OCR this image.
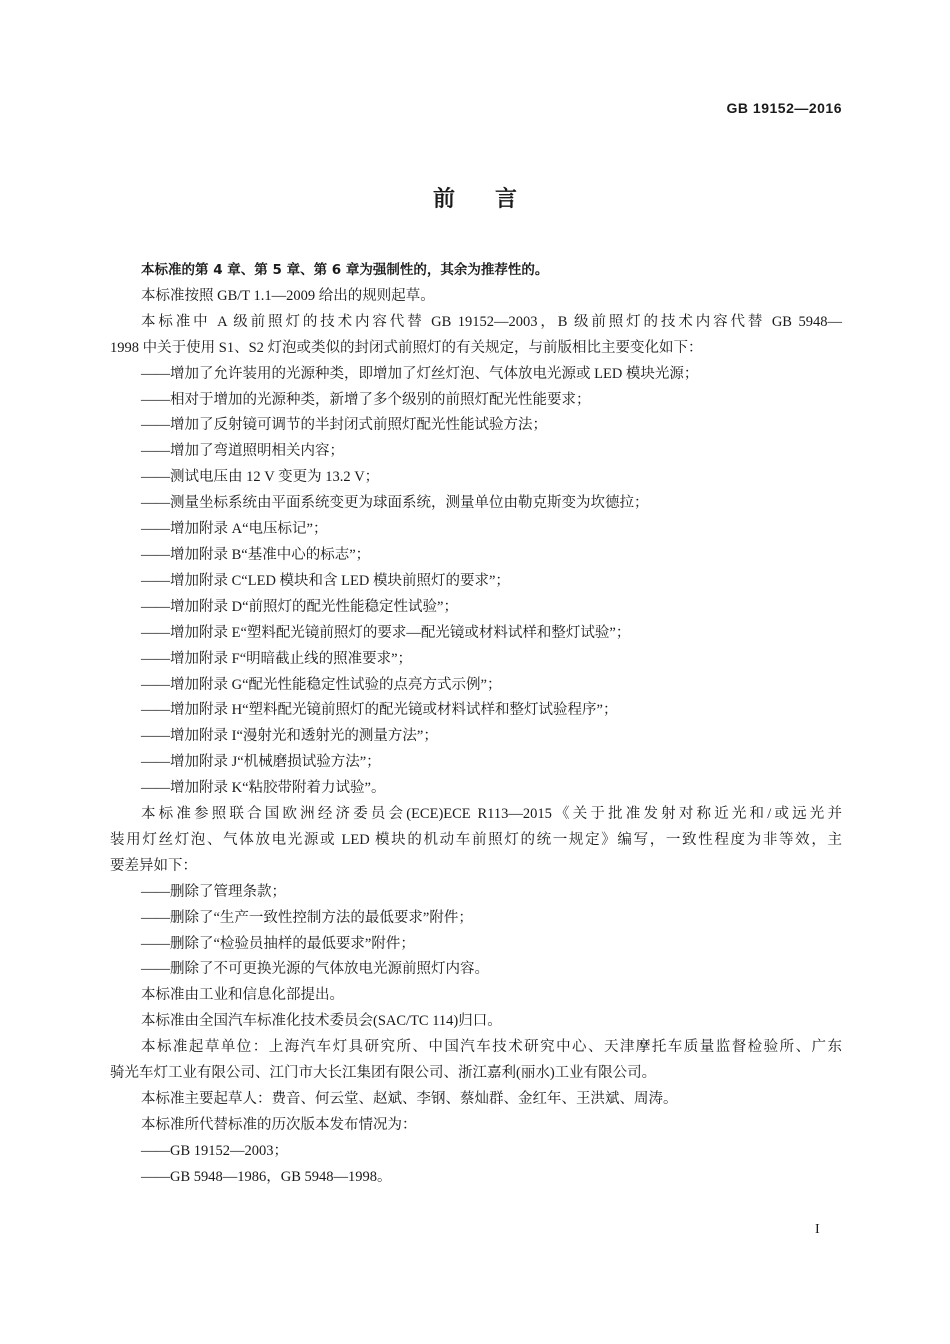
GB 19152—2016
前言
本标准的第 4 章、第 5 章、第 6 章为强制性的，其余为推荐性的。
本标准按照 GB/T 1.1—2009 给出的规则起草。
本标准中 A 级前照灯的技术内容代替 GB 19152—2003，B 级前照灯的技术内容代替 GB 5948—
1998 中关于使用 S1、S2 灯泡或类似的封闭式前照灯的有关规定，与前版相比主要变化如下：
——增加了允许装用的光源种类，即增加了灯丝灯泡、气体放电光源或 LED 模块光源；
——相对于增加的光源种类，新增了多个级别的前照灯配光性能要求；
——增加了反射镜可调节的半封闭式前照灯配光性能试验方法；
——增加了弯道照明相关内容；
——测试电压由 12 V 变更为 13.2 V；
——测量坐标系统由平面系统变更为球面系统，测量单位由勒克斯变为坎德拉；
——增加附录 A“电压标记”；
——增加附录 B“基准中心的标志”；
——增加附录 C“LED 模块和含 LED 模块前照灯的要求”；
——增加附录 D“前照灯的配光性能稳定性试验”；
——增加附录 E“塑料配光镜前照灯的要求—配光镜或材料试样和整灯试验”；
——增加附录 F“明暗截止线的照准要求”；
——增加附录 G“配光性能稳定性试验的点亮方式示例”；
——增加附录 H“塑料配光镜前照灯的配光镜或材料试样和整灯试验程序”；
——增加附录 I“漫射光和透射光的测量方法”；
——增加附录 J“机械磨损试验方法”；
——增加附录 K“粘胶带附着力试验”。
本标准参照联合国欧洲经济委员会(ECE)ECE R113—2015《关于批准发射对称近光和/或远光并
装用灯丝灯泡、气体放电光源或 LED 模块的机动车前照灯的统一规定》编写，一致性程度为非等效，主
要差异如下：
——删除了管理条款；
——删除了“生产一致性控制方法的最低要求”附件；
——删除了“检验员抽样的最低要求”附件；
——删除了不可更换光源的气体放电光源前照灯内容。
本标准由工业和信息化部提出。
本标准由全国汽车标准化技术委员会(SAC/TC 114)归口。
本标准起草单位：上海汽车灯具研究所、中国汽车技术研究中心、天津摩托车质量监督检验所、广东
骑光车灯工业有限公司、江门市大长江集团有限公司、浙江嘉利(丽水)工业有限公司。
本标准主要起草人：费音、何云堂、赵斌、李钢、蔡灿群、金红年、王洪斌、周涛。
本标准所代替标准的历次版本发布情况为：
——GB 19152—2003；
——GB 5948—1986，GB 5948—1998。
I
